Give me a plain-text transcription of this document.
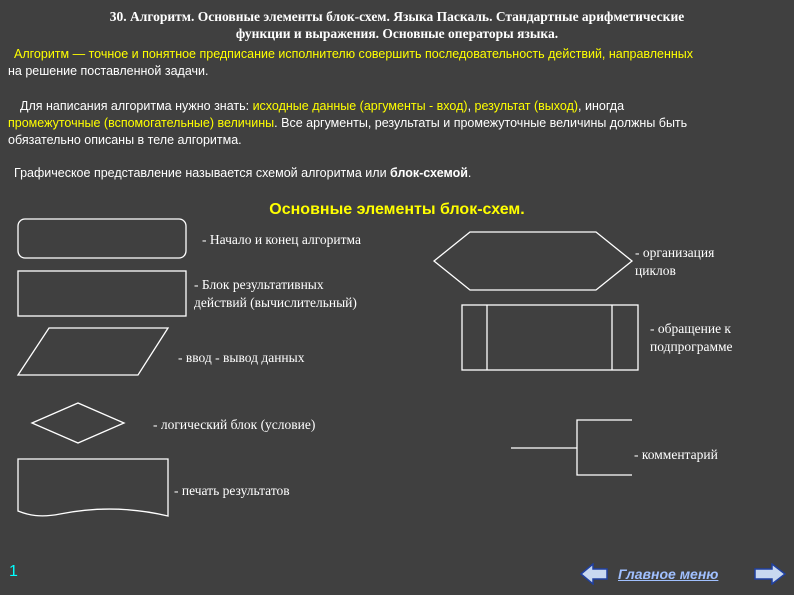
30. Алгоритм. Основные элементы блок-схем. Языка Паскаль. Стандартные арифметические
функции и выражения. Основные операторы языка.
Алгоритм — точное и понятное предписание исполнителю совершить последовательность действий, направленных
на решение поставленной задачи.
Для написания алгоритма нужно знать: исходные данные (аргументы - вход), результат (выход), иногда
промежуточные (вспомогательные) величины. Все аргументы, результаты и промежуточные величины должны быть
обязательно описаны в теле алгоритма.
Графическое представление называется схемой алгоритма или блок-схемой.
Основные элементы блок-схем.
- Начало и конец алгоритма
- Блок результативных
действий (вычислительный)
- ввод - вывод данных
- логический блок (условие)
- печать результатов
- организация
циклов
- обращение к
подпрограмме
- комментарий
1	Главное меню
